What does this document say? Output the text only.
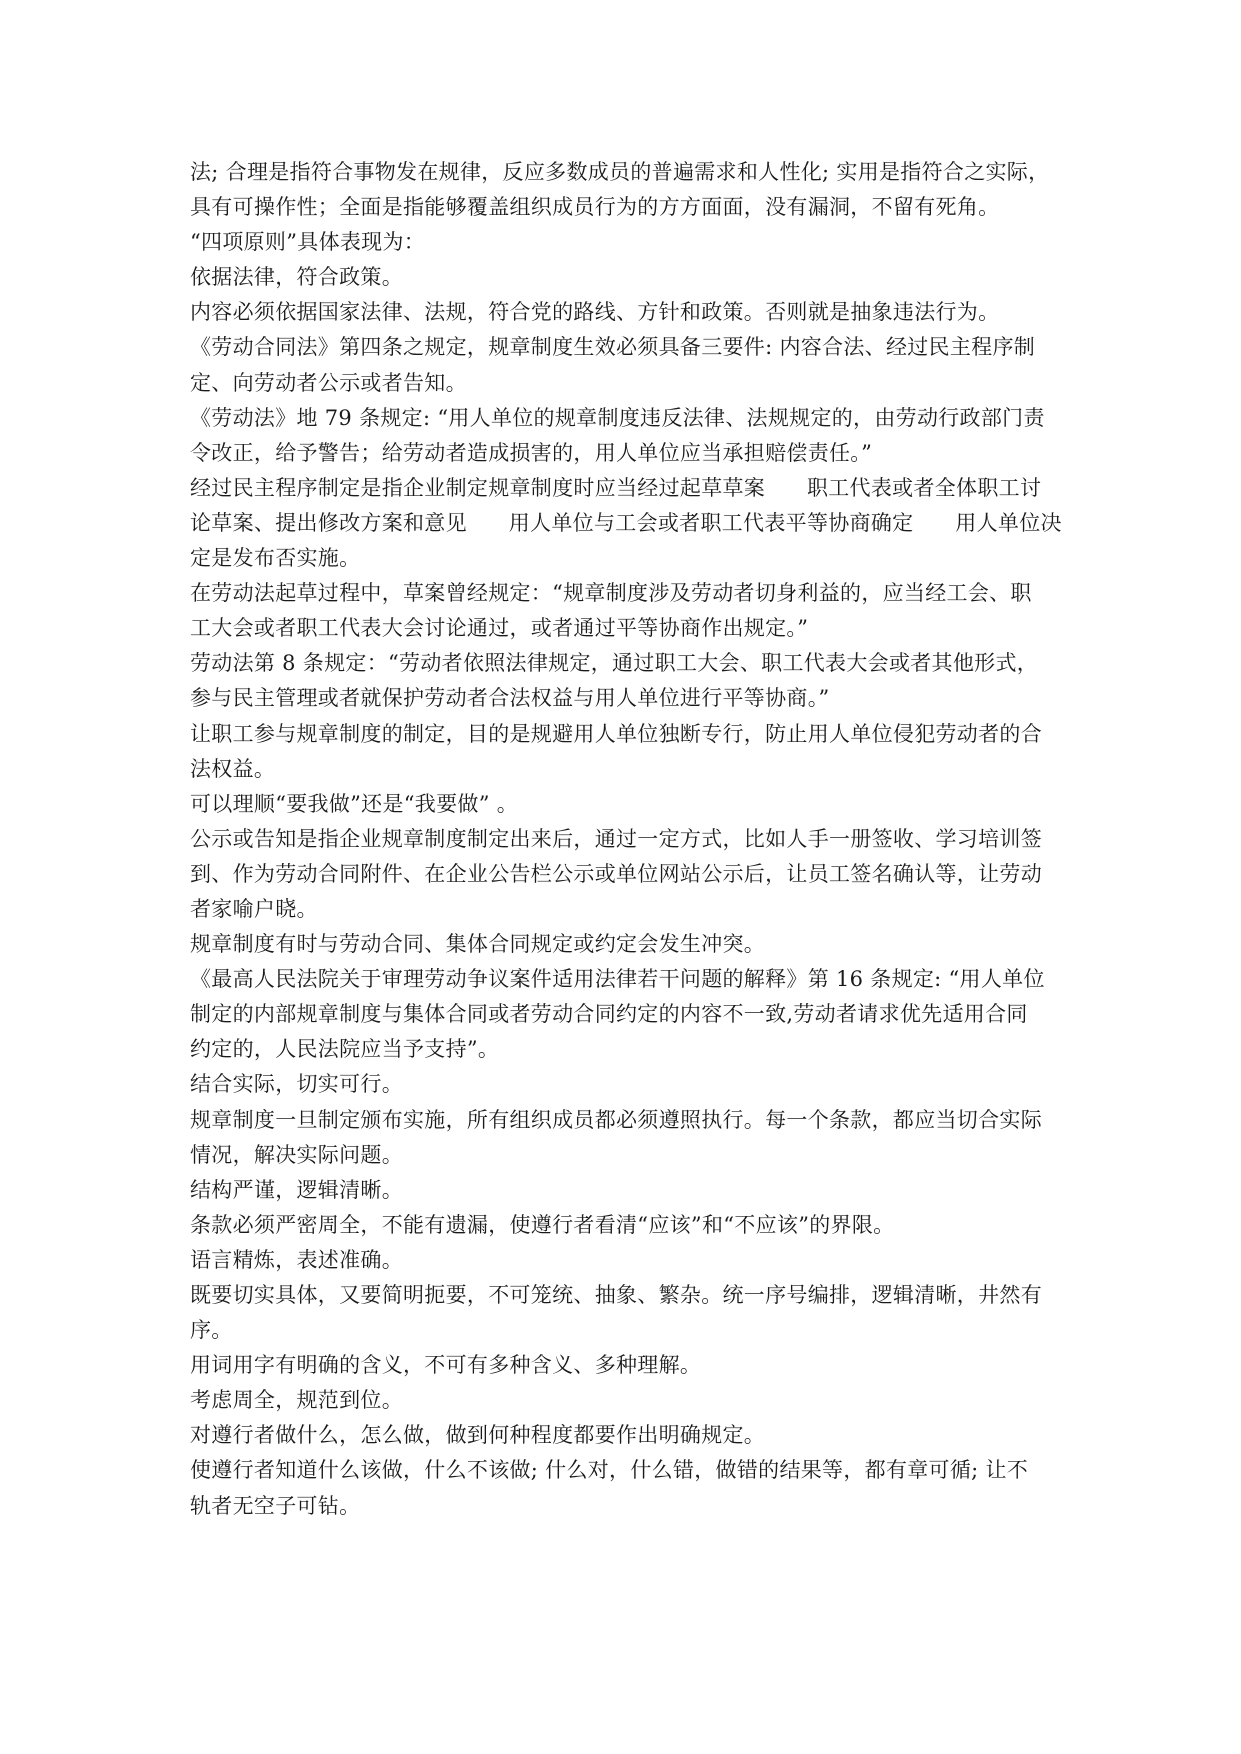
法; 合理是指符合事物发在规律，反应多数成员的普遍需求和人性化; 实用是指符合之实际，
具有可操作性；全面是指能够覆盖组织成员行为的方方面面，没有漏洞，不留有死角。
“四项原则”具体表现为：
依据法律，符合政策。
内容必须依据国家法律、法规，符合党的路线、方针和政策。否则就是抽象违法行为。
《劳动合同法》第四条之规定，规章制度生效必须具备三要件: 内容合法、经过民主程序制
定、向劳动者公示或者告知。
《劳动法》地 79 条规定: “用人单位的规章制度违反法律、法规规定的，由劳动行政部门责
令改正，给予警告；给劳动者造成损害的，用人单位应当承担赔偿责任。”
经过民主程序制定是指企业制定规章制度时应当经过起草草案      职工代表或者全体职工讨
论草案、提出修改方案和意见      用人单位与工会或者职工代表平等协商确定      用人单位决
定是发布否实施。
在劳动法起草过程中，草案曾经规定：“规章制度涉及劳动者切身利益的，应当经工会、职
工大会或者职工代表大会讨论通过，或者通过平等协商作出规定。”
劳动法第 8 条规定：“劳动者依照法律规定，通过职工大会、职工代表大会或者其他形式，
参与民主管理或者就保护劳动者合法权益与用人单位进行平等协商。”
让职工参与规章制度的制定，目的是规避用人单位独断专行，防止用人单位侵犯劳动者的合
法权益。
可以理顺“要我做”还是“我要做” 。
公示或告知是指企业规章制度制定出来后，通过一定方式，比如人手一册签收、学习培训签
到、作为劳动合同附件、在企业公告栏公示或单位网站公示后，让员工签名确认等，让劳动
者家喻户晓。
规章制度有时与劳动合同、集体合同规定或约定会发生冲突。
《最高人民法院关于审理劳动争议案件适用法律若干问题的解释》第 16 条规定: “用人单位
制定的内部规章制度与集体合同或者劳动合同约定的内容不一致,劳动者请求优先适用合同
约定的，人民法院应当予支持”。
结合实际，切实可行。
规章制度一旦制定颁布实施，所有组织成员都必须遵照执行。每一个条款，都应当切合实际
情况，解决实际问题。
结构严谨，逻辑清晰。
条款必须严密周全，不能有遗漏，使遵行者看清“应该”和“不应该”的界限。
语言精炼，表述准确。
既要切实具体，又要简明扼要，不可笼统、抽象、繁杂。统一序号编排，逻辑清晰，井然有
序。
用词用字有明确的含义，不可有多种含义、多种理解。
考虑周全，规范到位。
对遵行者做什么，怎么做，做到何种程度都要作出明确规定。
使遵行者知道什么该做，什么不该做; 什么对，什么错，做错的结果等，都有章可循; 让不
轨者无空子可钻。
